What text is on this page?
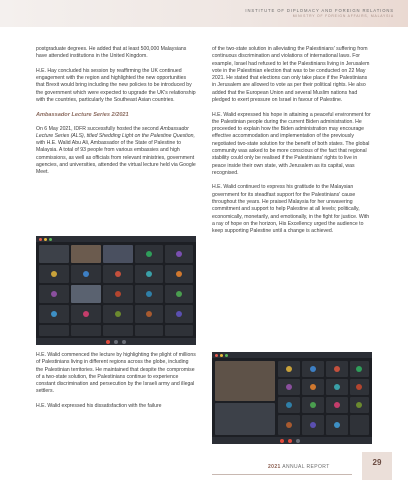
INSTITUTE OF DIPLOMACY AND FOREIGN RELATIONS
MINISTRY OF FOREIGN AFFAIRS, MALAYSIA

postgraduate degrees. He added that at least 500,000 Malaysians have attended institutions in the United Kingdom.

H.E. Hay concluded his session by reaffirming the UK continued engagement with the region and highlighted the new opportunities that Brexit would bring including the new policies to be introduced by the government which were expected to upgrade the UK's relationship with the countries, particularly the Southeast Asian countries.

Ambassador Lecture Series 2/2021

On 6 May 2021, IDFR successfully hosted the second Ambassador Lecture Series (ALS), titled Shedding Light on the Palestine Question, with H.E. Walid Abu Ali, Ambassador of the State of Palestine to Malaysia. A total of 93 people from various embassies and high commissions, as well as officials from relevant ministries, government agencies, and universities, attended the virtual lecture held via Google Meet.

H.E. Walid commenced the lecture by highlighting the plight of millions of Palestinians living in different regions across the globe, including the Palestinian territories. He maintained that despite the compromise of a two-state solution, the Palestinians continue to experience constant discrimination and persecution by the Israeli army and illegal settlers.

H.E. Walid expressed his dissatisfaction with the failure

of the two-state solution in alleviating the Palestinians' suffering from continuous discrimination and violations of international laws. For example, Israel had refused to let the Palestinians living in Jerusalem vote in the Palestinian election that was to be conducted on 22 May 2021. He stated that elections can only take place if the Palestinians in Jerusalem are allowed to vote as per their political rights. He also added that the European Union and several Muslim nations had pledged to exert pressure on Israel in favour of Palestine.

H.E. Walid expressed his hope in attaining a peaceful environment for the Palestinian people during the current Biden administration. He proceeded to explain how the Biden administration may encourage effective accommodation and implementation of the previously negotiated two-state solution for the benefit of both states. The global community was asked to be more conscious of the fact that regional stability could only be realised if the Palestinians' rights to live in peace inside their own state, with Jerusalem as its capital, was recognised.

H.E. Walid continued to express his gratitude to the Malaysian government for its steadfast support for the Palestinians' cause throughout the years. He praised Malaysia for her unwavering commitment and support to help Palestine at all levels; politically, economically, monetarily, and emotionally, in the fight for justice. With a ray of hope on the horizon, His Excellency urged the audience to keep supporting Palestine until a change is achieved.

2021 ANNUAL REPORT	29
